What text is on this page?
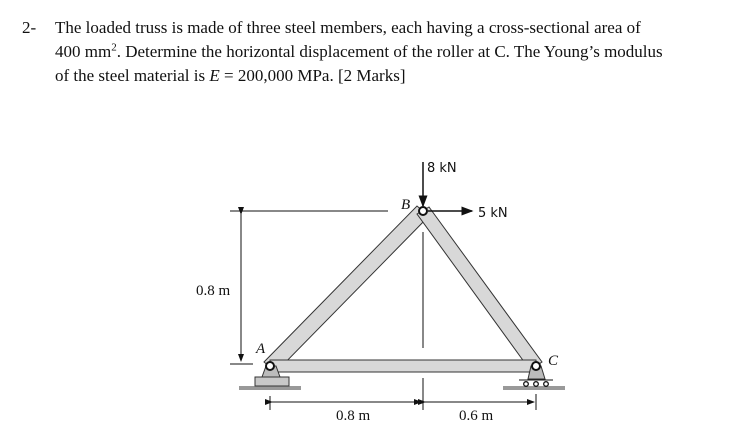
2- The loaded truss is made of three steel members, each having a cross-sectional area of
400 $mm^2$. Determine the horizontal displacement of the roller at C. The Young’s modulus
of the steel material is E = 200,000 MPa. [2 Marks]
8 kN
5 kN
B
A
C
0.8 m
0.8 m	0.6 m
